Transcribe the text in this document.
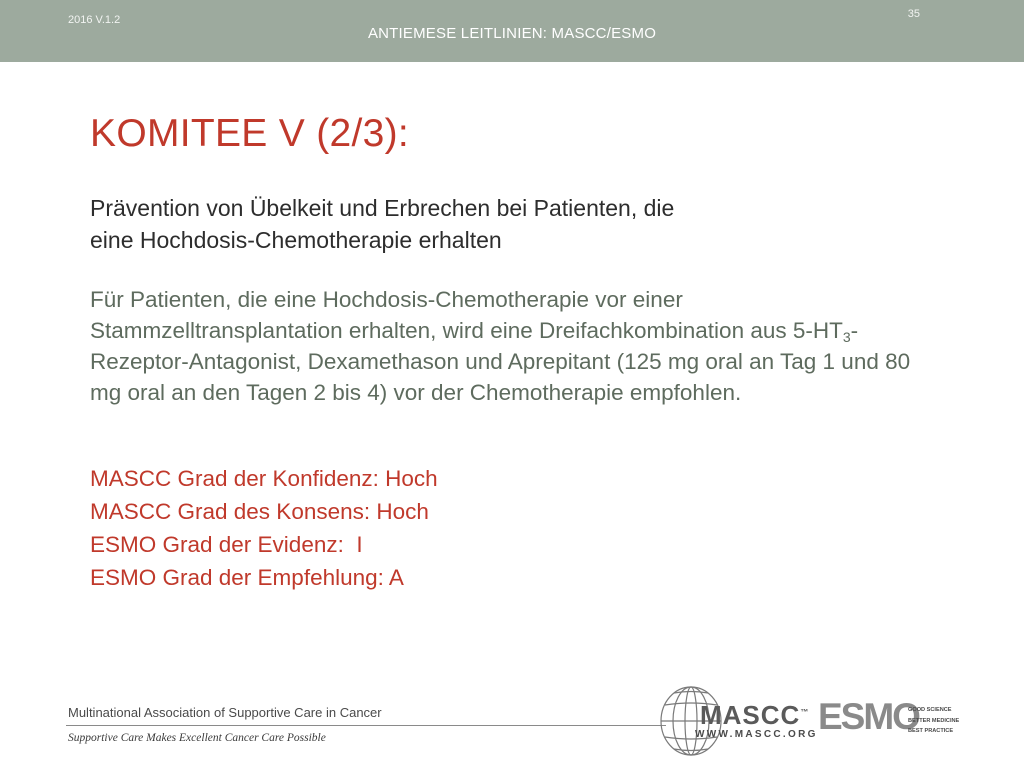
2016 V.1.2	35
ANTIEMESE LEITLINIEN: MASCC/ESMO
KOMITEE V (2/3):
Prävention von Übelkeit und Erbrechen bei Patienten, die
eine Hochdosis-Chemotherapie erhalten
Für Patienten, die eine Hochdosis-Chemotherapie vor einer Stammzelltransplantation erhalten, wird eine Dreifachkombination aus $5-HT_3-Rezeptor$-Antagonist, Dexamethason und Aprepitant (125 mg oral an Tag 1 und 80 mg oral an den Tagen 2 bis 4) vor der Chemotherapie empfohlen.
MASCC Grad der Konfidenz: Hoch
MASCC Grad des Konsens: Hoch
ESMO Grad der Evidenz:  I
ESMO Grad der Empfehlung: A
Multinational Association of Supportive Care in Cancer
Supportive Care Makes Excellent Cancer Care Possible
MASCC™
WWW.MASCC.ORG ESMO
GOOD SCIENCE
BETTER MEDICINE
BEST PRACTICE
